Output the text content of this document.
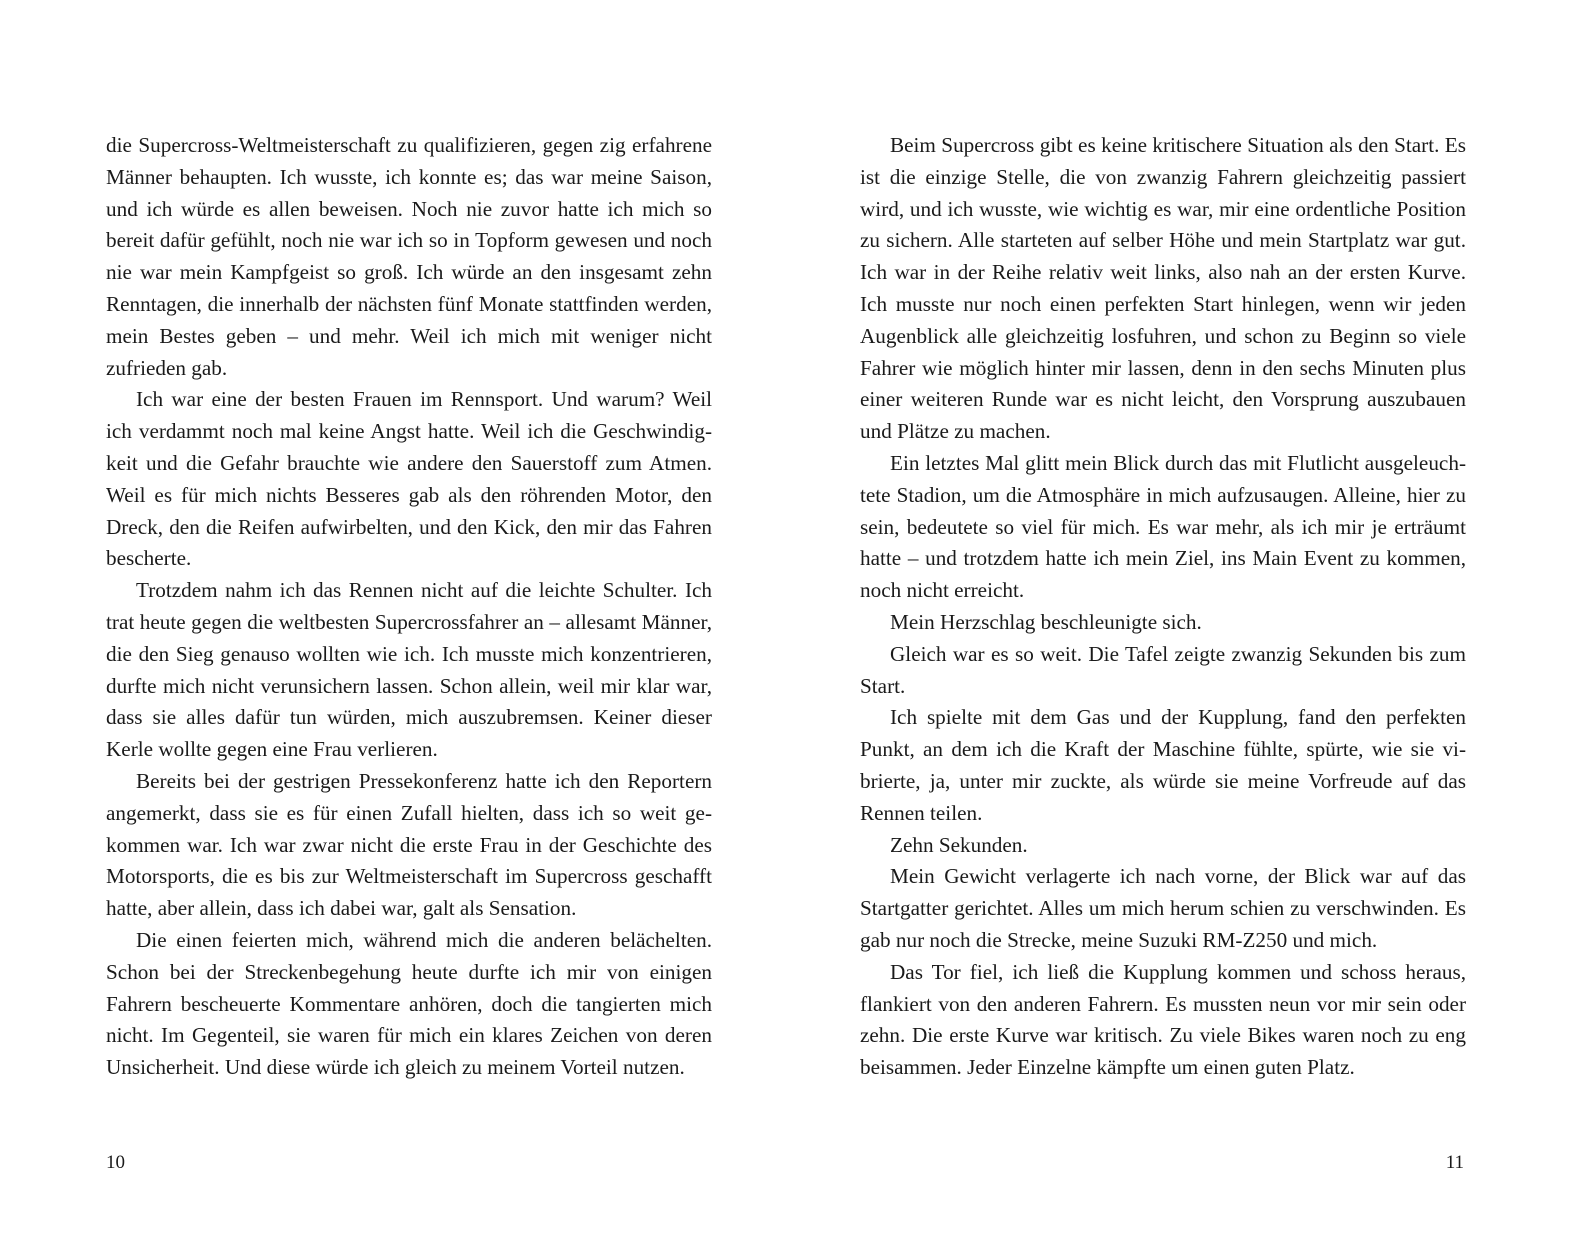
die Supercross-Weltmeisterschaft zu qualifizieren, gegen zig erfahrene Männer behaupten. Ich wusste, ich konnte es; das war meine Saison, und ich würde es allen beweisen. Noch nie zuvor hatte ich mich so bereit dafür gefühlt, noch nie war ich so in Topform gewesen und noch nie war mein Kampfgeist so groß. Ich würde an den insgesamt zehn Renntagen, die innerhalb der nächsten fünf Monate stattfinden werden, mein Bestes geben – und mehr. Weil ich mich mit weniger nicht zufrieden gab.

Ich war eine der besten Frauen im Rennsport. Und warum? Weil ich verdammt noch mal keine Angst hatte. Weil ich die Geschwindigkeit und die Gefahr brauchte wie andere den Sauerstoff zum Atmen. Weil es für mich nichts Besseres gab als den röhrenden Motor, den Dreck, den die Reifen aufwirbelten, und den Kick, den mir das Fahren bescherte.

Trotzdem nahm ich das Rennen nicht auf die leichte Schulter. Ich trat heute gegen die weltbesten Supercrossfahrer an – allesamt Männer, die den Sieg genauso wollten wie ich. Ich musste mich konzentrieren, durfte mich nicht verunsichern lassen. Schon allein, weil mir klar war, dass sie alles dafür tun würden, mich auszubremsen. Keiner dieser Kerle wollte gegen eine Frau verlieren.

Bereits bei der gestrigen Pressekonferenz hatte ich den Reportern angemerkt, dass sie es für einen Zufall hielten, dass ich so weit gekommen war. Ich war zwar nicht die erste Frau in der Geschichte des Motorsports, die es bis zur Weltmeisterschaft im Supercross geschafft hatte, aber allein, dass ich dabei war, galt als Sensation.

Die einen feierten mich, während mich die anderen belächelten. Schon bei der Streckenbegehung heute durfte ich mir von einigen Fahrern bescheuerte Kommentare anhören, doch die tangierten mich nicht. Im Gegenteil, sie waren für mich ein klares Zeichen von deren Unsicherheit. Und diese würde ich gleich zu meinem Vorteil nutzen.

10

Beim Supercross gibt es keine kritischere Situation als den Start. Es ist die einzige Stelle, die von zwanzig Fahrern gleichzeitig passiert wird, und ich wusste, wie wichtig es war, mir eine ordentliche Position zu sichern. Alle starteten auf selber Höhe und mein Startplatz war gut. Ich war in der Reihe relativ weit links, also nah an der ersten Kurve. Ich musste nur noch einen perfekten Start hinlegen, wenn wir jeden Augenblick alle gleichzeitig losfuhren, und schon zu Beginn so viele Fahrer wie möglich hinter mir lassen, denn in den sechs Minuten plus einer weiteren Runde war es nicht leicht, den Vorsprung auszubauen und Plätze zu machen.

Ein letztes Mal glitt mein Blick durch das mit Flutlicht ausgeleuchtete Stadion, um die Atmosphäre in mich aufzusaugen. Alleine, hier zu sein, bedeutete so viel für mich. Es war mehr, als ich mir je erträumt hatte – und trotzdem hatte ich mein Ziel, ins Main Event zu kommen, noch nicht erreicht.

Mein Herzschlag beschleunigte sich.

Gleich war es so weit. Die Tafel zeigte zwanzig Sekunden bis zum Start.

Ich spielte mit dem Gas und der Kupplung, fand den perfekten Punkt, an dem ich die Kraft der Maschine fühlte, spürte, wie sie vibrierte, ja, unter mir zuckte, als würde sie meine Vorfreude auf das Rennen teilen.

Zehn Sekunden.

Mein Gewicht verlagerte ich nach vorne, der Blick war auf das Startgatter gerichtet. Alles um mich herum schien zu verschwinden. Es gab nur noch die Strecke, meine Suzuki RM-Z250 und mich.

Das Tor fiel, ich ließ die Kupplung kommen und schoss heraus, flankiert von den anderen Fahrern. Es mussten neun vor mir sein oder zehn. Die erste Kurve war kritisch. Zu viele Bikes waren noch zu eng beisammen. Jeder Einzelne kämpfte um einen guten Platz.

11
